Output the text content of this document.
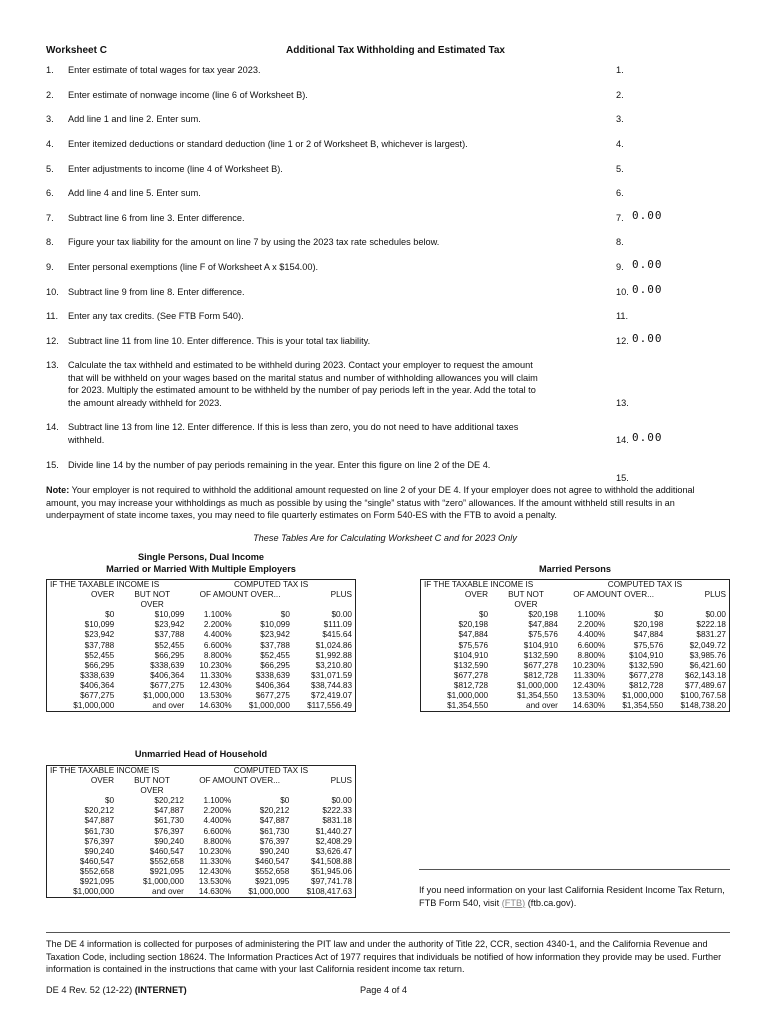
Worksheet C	Additional Tax Withholding and Estimated Tax
1. Enter estimate of total wages for tax year 2023.	1.
2. Enter estimate of nonwage income (line 6 of Worksheet B).	2.
3. Add line 1 and line 2. Enter sum.	3.
4. Enter itemized deductions or standard deduction (line 1 or 2 of Worksheet B, whichever is largest).	4.
5. Enter adjustments to income (line 4 of Worksheet B).	5.
6. Add line 4 and line 5. Enter sum.	6.
7. Subtract line 6 from line 3. Enter difference.	7. 0.00
8. Figure your tax liability for the amount on line 7 by using the 2023 tax rate schedules below.	8.
9. Enter personal exemptions (line F of Worksheet A x $154.00).	9. 0.00
10. Subtract line 9 from line 8. Enter difference.	10. 0.00
11. Enter any tax credits. (See FTB Form 540).	11.
12. Subtract line 11 from line 10. Enter difference. This is your total tax liability.	12. 0.00
13. Calculate the tax withheld and estimated to be withheld during 2023. Contact your employer to request the amount that will be withheld on your wages based on the marital status and number of withholding allowances you will claim for 2023. Multiply the estimated amount to be withheld by the number of pay periods left in the year. Add the total to the amount already withheld for 2023.	13.
14. Subtract line 13 from line 12. Enter difference. If this is less than zero, you do not need to have additional taxes withheld.	14. 0.00
15. Divide line 14 by the number of pay periods remaining in the year. Enter this figure on line 2 of the DE 4.
15.
Note: Your employer is not required to withhold the additional amount requested on line 2 of your DE 4. If your employer does not agree to withhold the additional amount, you may increase your withholdings as much as possible by using the “single” status with “zero” allowances. If the amount withheld still results in an underpayment of state income taxes, you may need to file quarterly estimates on Form 540-ES with the FTB to avoid a penalty.
These Tables Are for Calculating Worksheet C and for 2023 Only
Single Persons, Dual Income
Married or Married With Multiple Employers	Married Persons
Unmarried Head of Household
IF THE TAXABLE INCOME IS		COMPUTED TAX IS		
OVER	BUT NOT
OVER	OF AMOUNT OVER...		PLUS
$0	$10,099	1.100%	$0	$0.00
$10,099	$23,942	2.200%	$10,099	$111.09
$23,942	$37,788	4.400%	$23,942	$415.64
$37,788	$52,455	6.600%	$37,788	$1,024.86
$52,455	$66,295	8.800%	$52,455	$1,992.88
$66,295	$338,639	10.230%	$66,295	$3,210.80
$338,639	$406,364	11.330%	$338,639	$31,071.59
$406,364	$677,275	12.430%	$406,364	$38,744.83
$677,275	$1,000,000	13.530%	$677,275	$72,419.07
$1,000,000	and over	14.630%	$1,000,000	$117,556.49
IF THE TAXABLE INCOME IS		COMPUTED TAX IS		
OVER	BUT NOT
OVER	OF AMOUNT OVER...		PLUS
$0	$20,198	1.100%	$0	$0.00
$20,198	$47,884	2.200%	$20,198	$222.18
$47,884	$75,576	4.400%	$47,884	$831.27
$75,576	$104,910	6.600%	$75,576	$2,049.72
$104,910	$132,590	8.800%	$104,910	$3,985.76
$132,590	$677,278	10.230%	$132,590	$6,421.60
$677,278	$812,728	11.330%	$677,278	$62,143.18
$812,728	$1,000,000	12.430%	$812,728	$77,489.67
$1,000,000	$1,354,550	13.530%	$1,000,000	$100,767.58
$1,354,550	and over	14.630%	$1,354,550	$148,738.20
IF THE TAXABLE INCOME IS		COMPUTED TAX IS		
OVER	BUT NOT
OVER	OF AMOUNT OVER...		PLUS
$0	$20,212	1.100%	$0	$0.00
$20,212	$47,887	2.200%	$20,212	$222.33
$47,887	$61,730	4.400%	$47,887	$831.18
$61,730	$76,397	6.600%	$61,730	$1,440.27
$76,397	$90,240	8.800%	$76,397	$2,408.29
$90,240	$460,547	10.230%	$90,240	$3,626.47
$460,547	$552,658	11.330%	$460,547	$41,508.88
$552,658	$921,095	12.430%	$552,658	$51,945.06
$921,095	$1,000,000	13.530%	$921,095	$97,741.78
$1,000,000	and over	14.630%	$1,000,000	$108,417.63	If you need information on your last California Resident Income Tax Return, FTB Form 540, visit (FTB) (ftb.ca.gov).
The DE 4 information is collected for purposes of administering the PIT law and under the authority of Title 22, CCR, section 4340-1, and the California Revenue and Taxation Code, including section 18624. The Information Practices Act of 1977 requires that individuals be notified of how information they provide may be used. Further information is contained in the instructions that came with your last California resident income tax return.
DE 4 Rev. 52 (12-22) (INTERNET)	Page 4 of 4
